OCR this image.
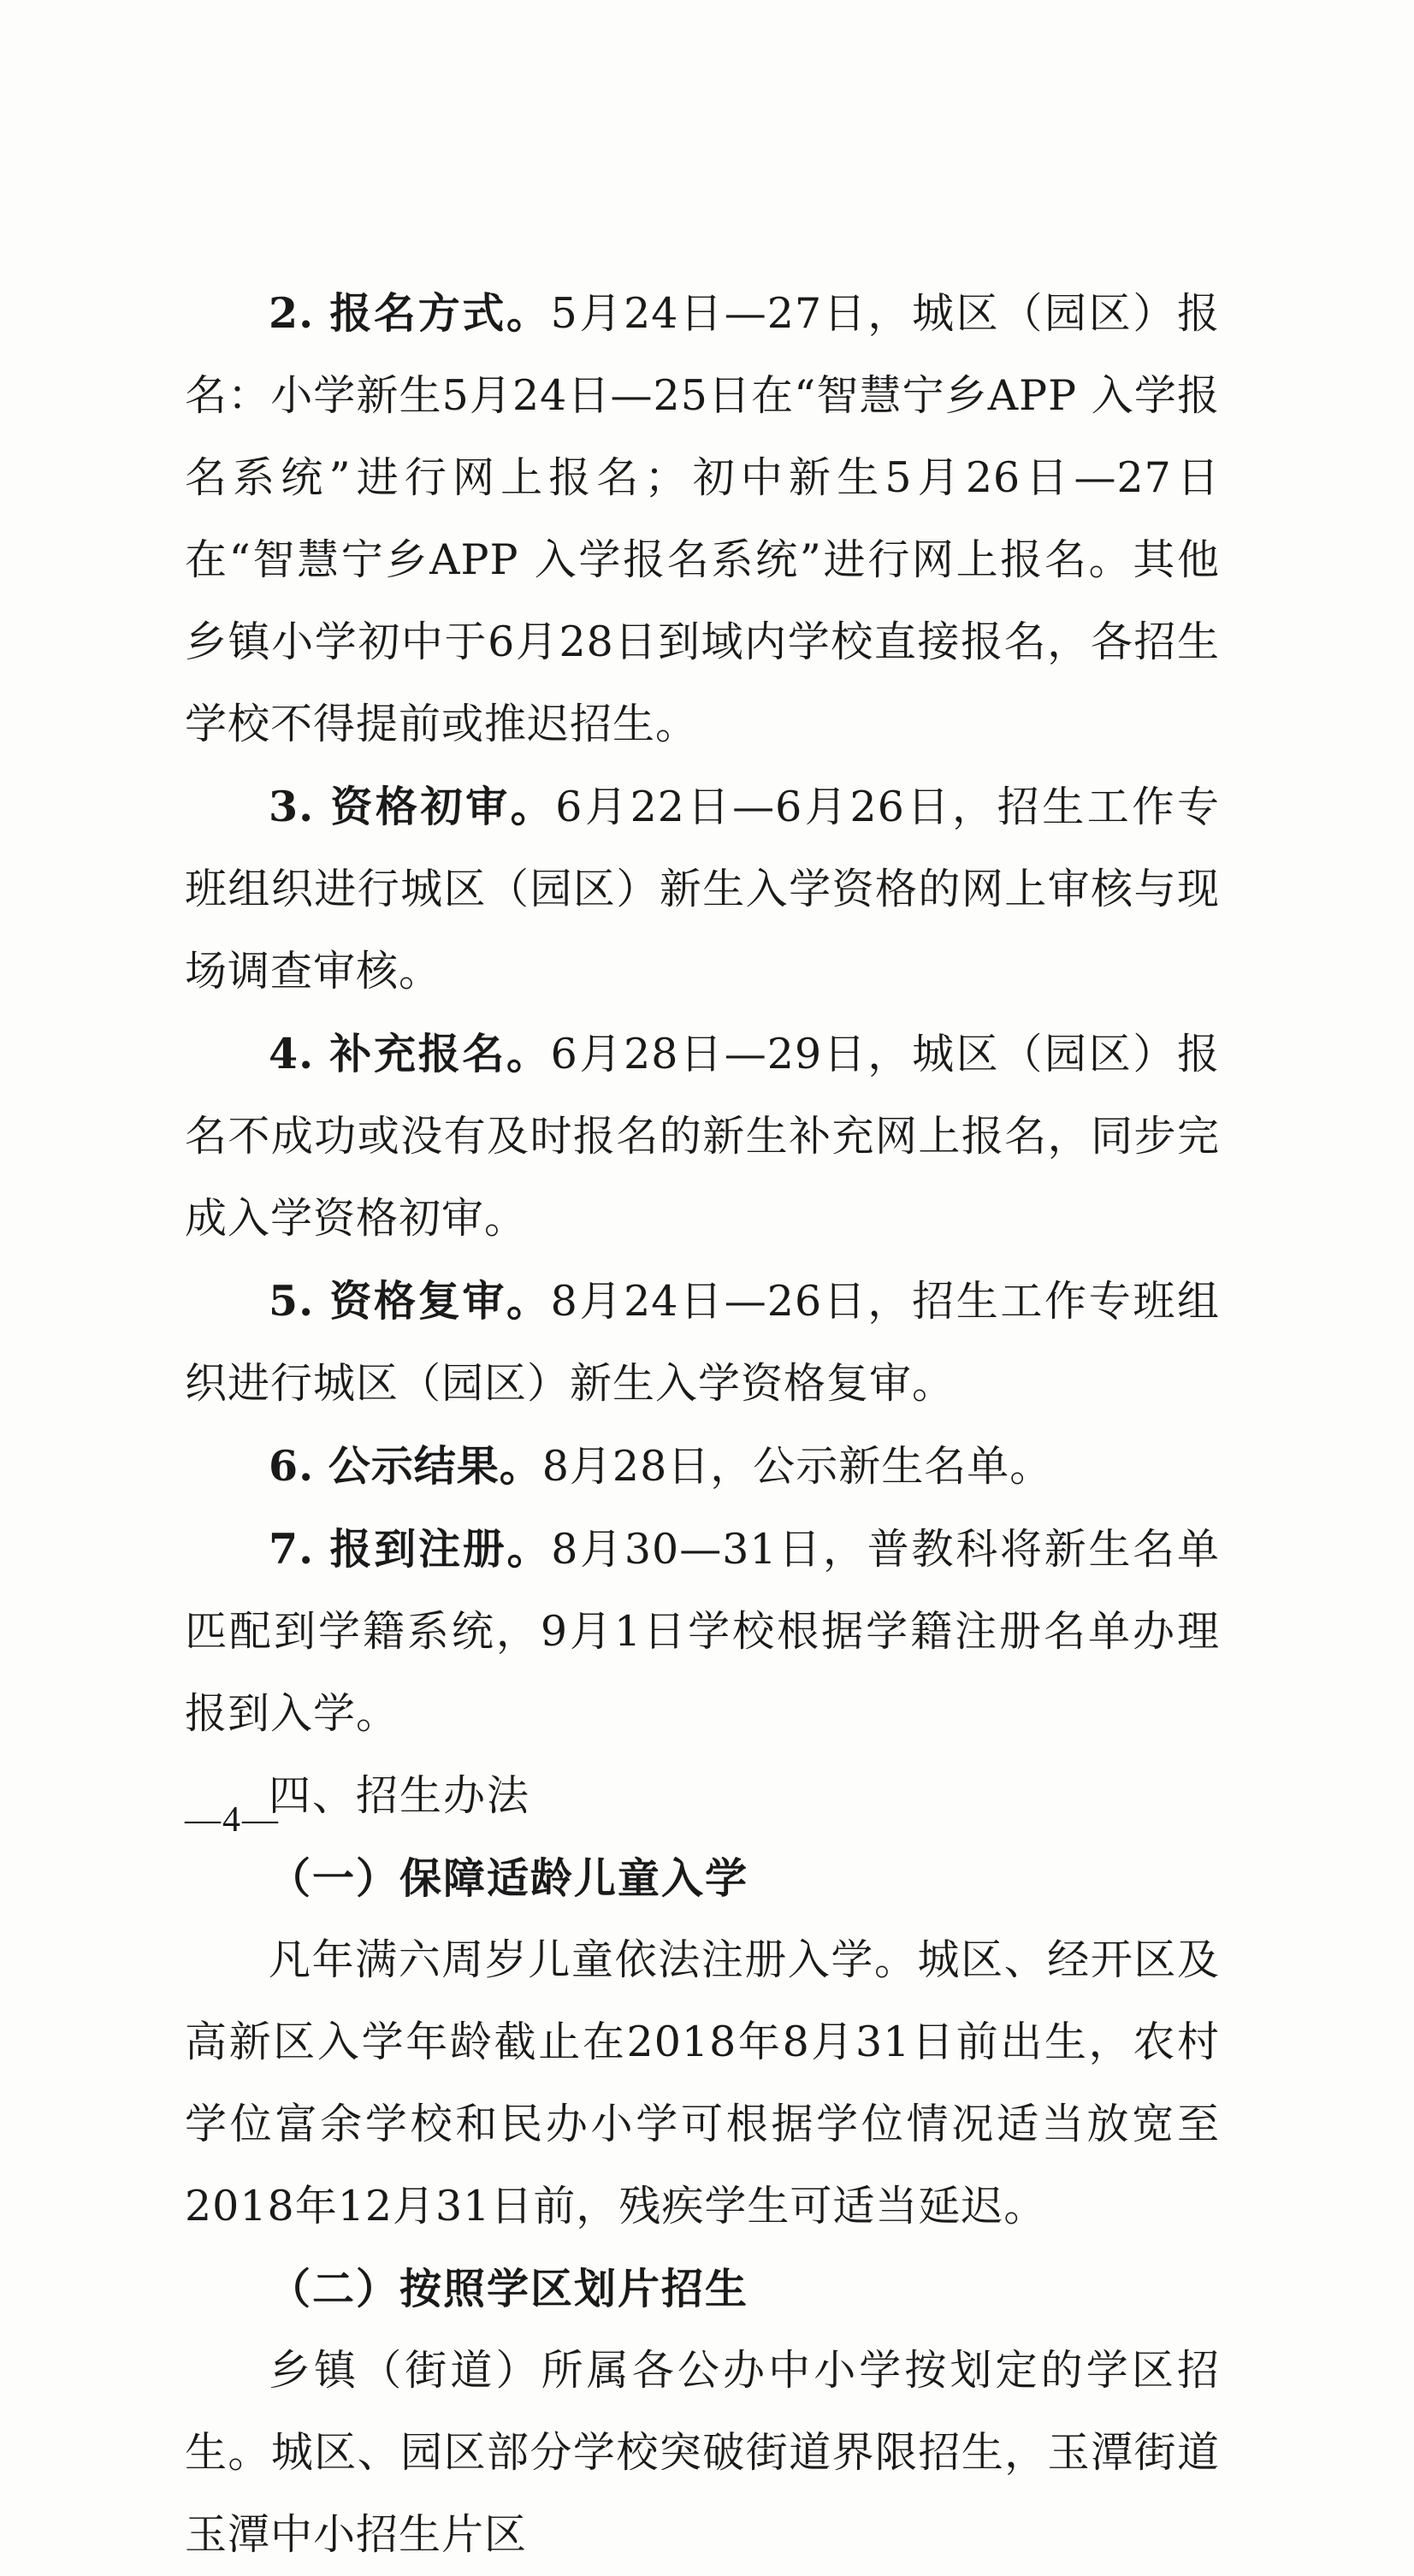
2. 报名方式。5月24日—27日，城区（园区）报名：小学新生5月24日—25日在“智慧宁乡APP 入学报名系统”进行网上报名；初中新生5月26日—27日在“智慧宁乡APP 入学报名系统”进行网上报名。其他乡镇小学初中于6月28日到域内学校直接报名，各招生学校不得提前或推迟招生。

3. 资格初审。6月22日—6月26日，招生工作专班组织进行城区（园区）新生入学资格的网上审核与现场调查审核。

4. 补充报名。6月28日—29日，城区（园区）报名不成功或没有及时报名的新生补充网上报名，同步完成入学资格初审。

5. 资格复审。8月24日—26日，招生工作专班组织进行城区（园区）新生入学资格复审。

6. 公示结果。8月28日，公示新生名单。

7. 报到注册。8月30—31日，普教科将新生名单匹配到学籍系统，9月1日学校根据学籍注册名单办理报到入学。

四、招生办法

（一）保障适龄儿童入学

凡年满六周岁儿童依法注册入学。城区、经开区及高新区入学年龄截止在2018年8月31日前出生，农村学位富余学校和民办小学可根据学位情况适当放宽至2018年12月31日前，残疾学生可适当延迟。

（二）按照学区划片招生

乡镇（街道）所属各公办中小学按划定的学区招生。城区、园区部分学校突破街道界限招生，玉潭街道玉潭中小招生片区

—4—
